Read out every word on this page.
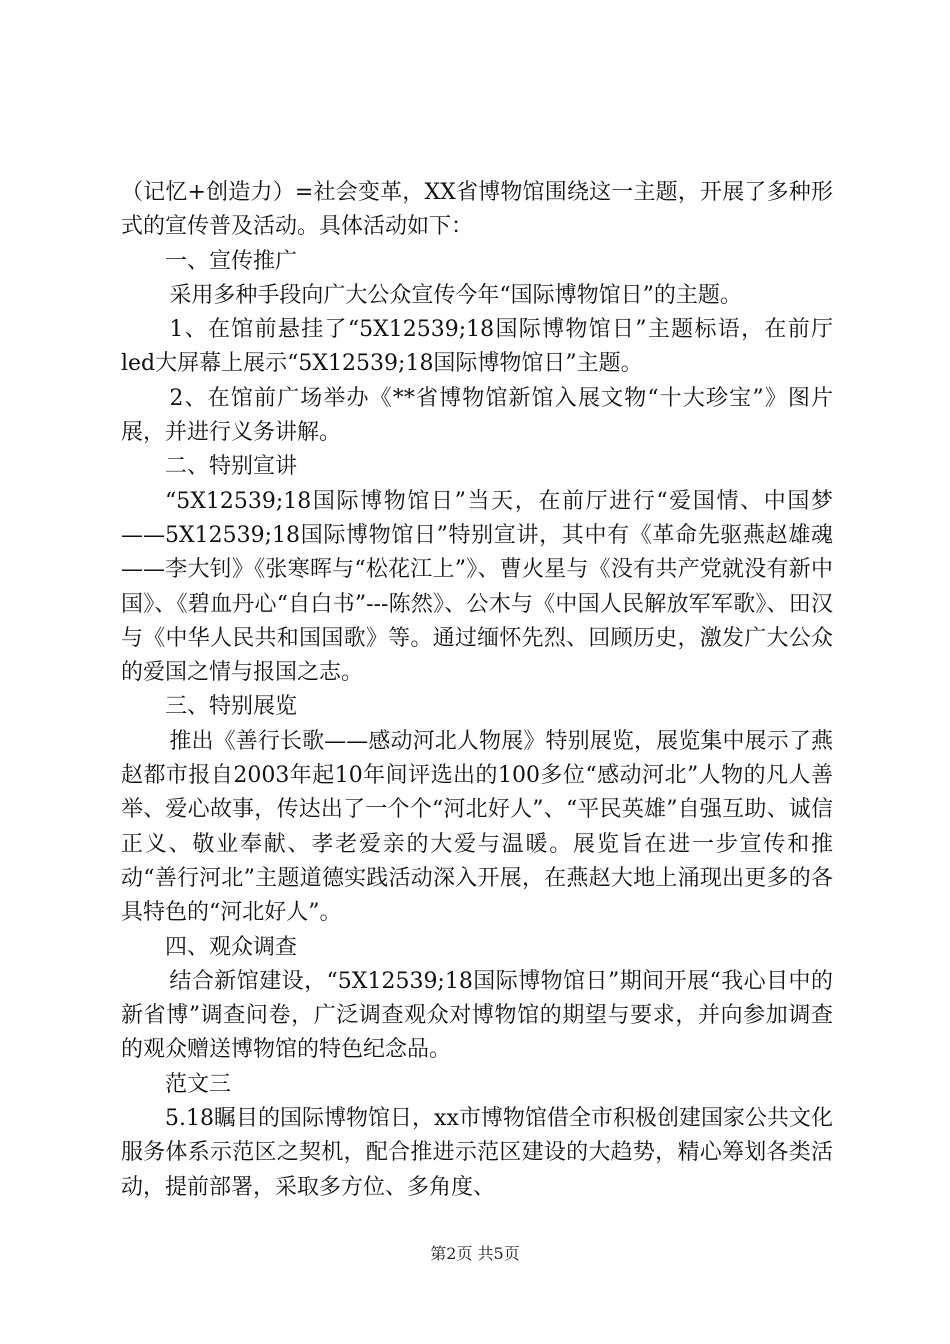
（记忆+创造力）=社会变革，XX省博物馆围绕这一主题，开展了多种形式的宣传普及活动。具体活动如下：

一、宣传推广

采用多种手段向广大公众宣传今年“国际博物馆日”的主题。

1、在馆前悬挂了“5X12539;18国际博物馆日”主题标语，在前厅led大屏幕上展示“5X12539;18国际博物馆日”主题。

2、在馆前广场举办《**省博物馆新馆入展文物“十大珍宝”》图片展，并进行义务讲解。

二、特别宣讲

“5X12539;18国际博物馆日”当天，在前厅进行“爱国情、中国梦——5X12539;18国际博物馆日”特别宣讲，其中有《革命先驱燕赵雄魂——李大钊》《张寒晖与“松花江上”》、曹火星与《没有共产党就没有新中国》、《碧血丹心“自白书”---陈然》、公木与《中国人民解放军军歌》、田汉与《中华人民共和国国歌》等。通过缅怀先烈、回顾历史，激发广大公众的爱国之情与报国之志。

三、特别展览

推出《善行长歌——感动河北人物展》特别展览，展览集中展示了燕赵都市报自2003年起10年间评选出的100多位“感动河北”人物的凡人善举、爱心故事，传达出了一个个“河北好人”、“平民英雄”自强互助、诚信正义、敬业奉献、孝老爱亲的大爱与温暖。展览旨在进一步宣传和推动“善行河北”主题道德实践活动深入开展，在燕赵大地上涌现出更多的各具特色的“河北好人”。

四、观众调查

结合新馆建设，“5X12539;18国际博物馆日”期间开展“我心目中的新省博”调查问卷，广泛调查观众对博物馆的期望与要求，并向参加调查的观众赠送博物馆的特色纪念品。

范文三

5.18瞩目的国际博物馆日，xx市博物馆借全市积极创建国家公共文化服务体系示范区之契机，配合推进示范区建设的大趋势，精心筹划各类活动，提前部署，采取多方位、多角度、

第2页 共5页
